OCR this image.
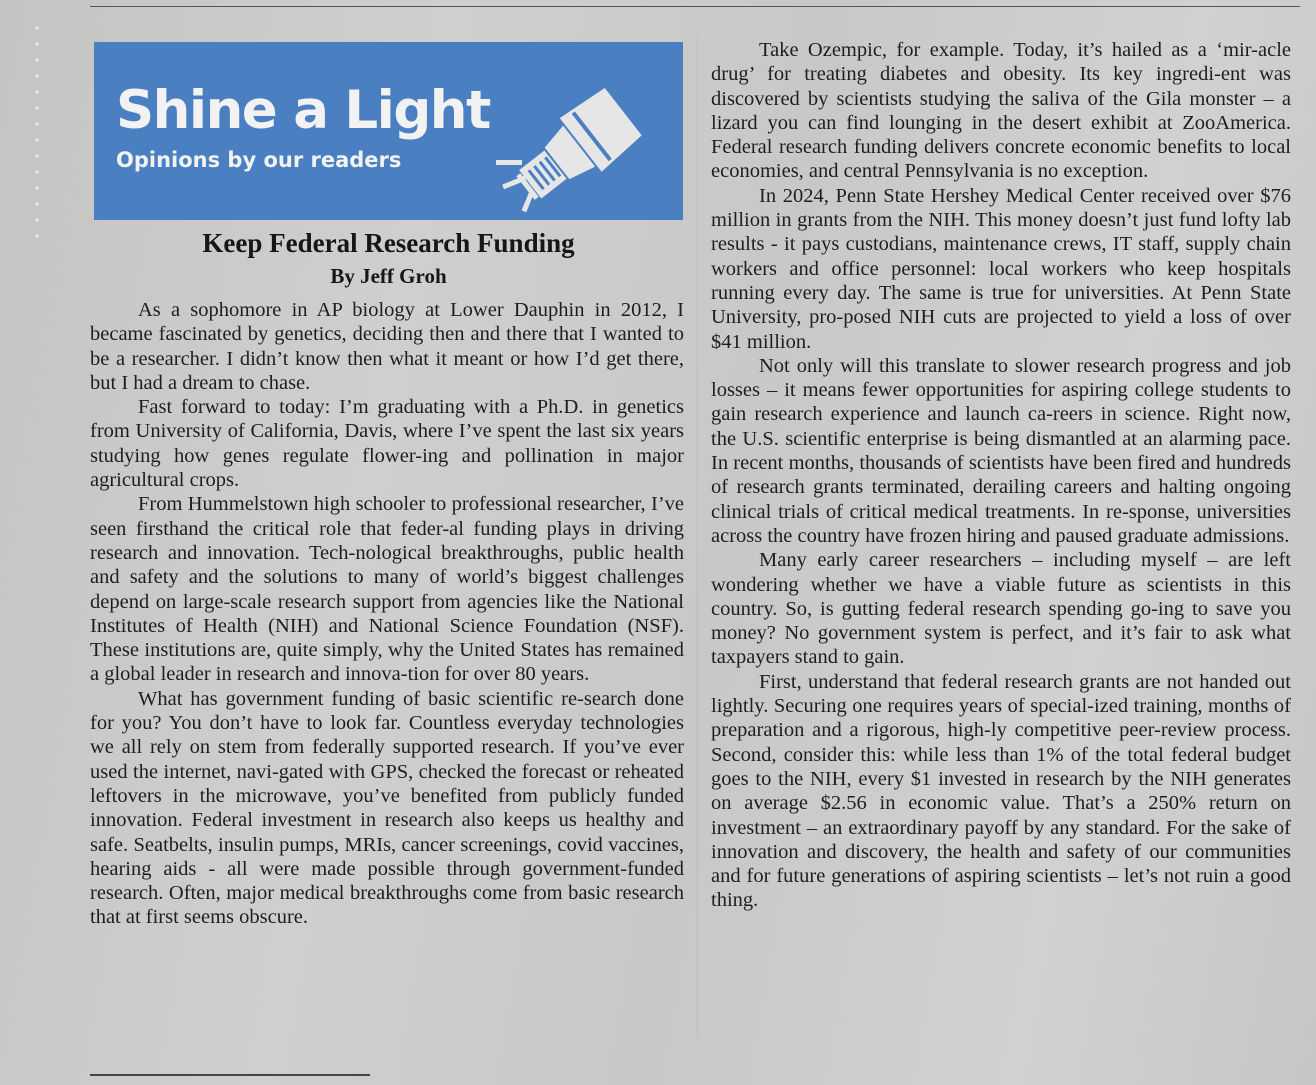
Shine a Light
Opinions by our readers
Keep Federal Research Funding
By Jeff Groh

As a sophomore in AP biology at Lower Dauphin in 2012, I became fascinated by genetics, deciding then and there that I wanted to be a researcher. I didn’t know then what it meant or how I’d get there, but I had a dream to chase.

Fast forward to today: I’m graduating with a Ph.D. in genetics from University of California, Davis, where I’ve spent the last six years studying how genes regulate flower-ing and pollination in major agricultural crops.

From Hummelstown high schooler to professional researcher, I’ve seen firsthand the critical role that feder-al funding plays in driving research and innovation. Tech-nological breakthroughs, public health and safety and the solutions to many of world’s biggest challenges depend on large-scale research support from agencies like the National Institutes of Health (NIH) and National Science Foundation (NSF). These institutions are, quite simply, why the United States has remained a global leader in research and innova-tion for over 80 years.

What has government funding of basic scientific re-search done for you? You don’t have to look far. Countless everyday technologies we all rely on stem from federally supported research. If you’ve ever used the internet, navi-gated with GPS, checked the forecast or reheated leftovers in the microwave, you’ve benefited from publicly funded innovation. Federal investment in research also keeps us healthy and safe. Seatbelts, insulin pumps, MRIs, cancer screenings, covid vaccines, hearing aids - all were made possible through government-funded research. Often, major medical breakthroughs come from basic research that at first seems obscure.

Take Ozempic, for example. Today, it’s hailed as a ‘mir-acle drug’ for treating diabetes and obesity. Its key ingredi-ent was discovered by scientists studying the saliva of the Gila monster – a lizard you can find lounging in the desert exhibit at ZooAmerica. Federal research funding delivers concrete economic benefits to local economies, and central Pennsylvania is no exception.

In 2024, Penn State Hershey Medical Center received over $76 million in grants from the NIH. This money doesn’t just fund lofty lab results - it pays custodians, maintenance crews, IT staff, supply chain workers and office personnel: local workers who keep hospitals running every day. The same is true for universities. At Penn State University, pro-posed NIH cuts are projected to yield a loss of over $41 million.

Not only will this translate to slower research progress and job losses – it means fewer opportunities for aspiring college students to gain research experience and launch ca-reers in science. Right now, the U.S. scientific enterprise is being dismantled at an alarming pace. In recent months, thousands of scientists have been fired and hundreds of research grants terminated, derailing careers and halting ongoing clinical trials of critical medical treatments. In re-sponse, universities across the country have frozen hiring and paused graduate admissions.

Many early career researchers – including myself – are left wondering whether we have a viable future as scientists in this country. So, is gutting federal research spending go-ing to save you money? No government system is perfect, and it’s fair to ask what taxpayers stand to gain.

First, understand that federal research grants are not handed out lightly. Securing one requires years of special-ized training, months of preparation and a rigorous, high-ly competitive peer-review process. Second, consider this: while less than 1% of the total federal budget goes to the NIH, every $1 invested in research by the NIH generates on average $2.56 in economic value. That’s a 250% return on investment – an extraordinary payoff by any standard. For the sake of innovation and discovery, the health and safety of our communities and for future generations of aspiring scientists – let’s not ruin a good thing.
